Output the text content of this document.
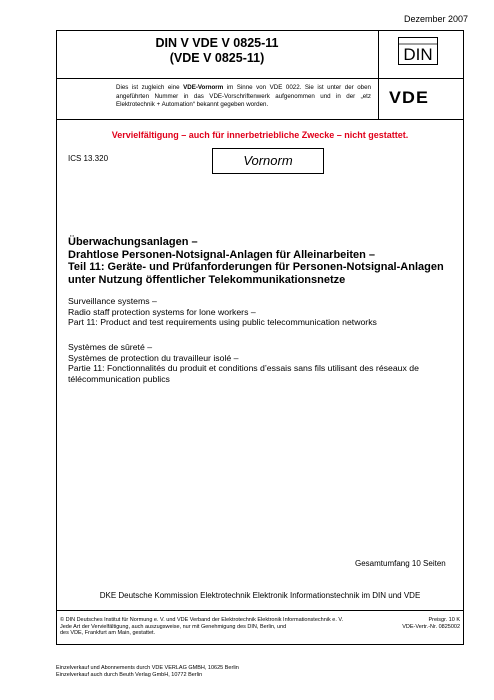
Dezember 2007
DIN V VDE V 0825-11
(VDE V 0825-11)	DIN
VDE
Dies ist zugleich eine VDE-Vornorm im Sinne von VDE 0022. Sie ist unter der oben angeführten Nummer in das VDE-Vorschriftenwerk aufgenommen und in der „etz Elektrotechnik + Automation“ bekannt gegeben worden.
Vervielfältigung – auch für innerbetriebliche Zwecke – nicht gestattet.
ICS 13.320	Vornorm
Überwachungsanlagen –
Drahtlose Personen-Notsignal-Anlagen für Alleinarbeiten –
Teil 11: Geräte- und Prüfanforderungen für Personen-Notsignal-Anlagen
unter Nutzung öffentlicher Telekommunikationsnetze
Surveillance systems –
Radio staff protection systems for lone workers –
Part 11: Product and test requirements using public telecommunication networks
Systèmes de sûreté –
Systèmes de protection du travailleur isolé –
Partie 11: Fonctionnalités du produit et conditions d’essais sans fils utilisant des réseaux de
télécommunication publics
Gesamtumfang 10 Seiten
DKE Deutsche Kommission Elektrotechnik Elektronik Informationstechnik im DIN und VDE
© DIN Deutsches Institut für Normung e. V. und VDE Verband der Elektrotechnik Elektronik Informationstechnik e. V.
Jede Art der Vervielfältigung, auch auszugsweise, nur mit Genehmigung des DIN, Berlin, und
des VDE, Frankfurt am Main, gestattet.
Preisgr. 10 K
VDE-Vertr.-Nr. 0825002
Einzelverkauf und Abonnements durch VDE VERLAG GMBH, 10625 Berlin
Einzelverkauf auch durch Beuth Verlag GmbH, 10772 Berlin
